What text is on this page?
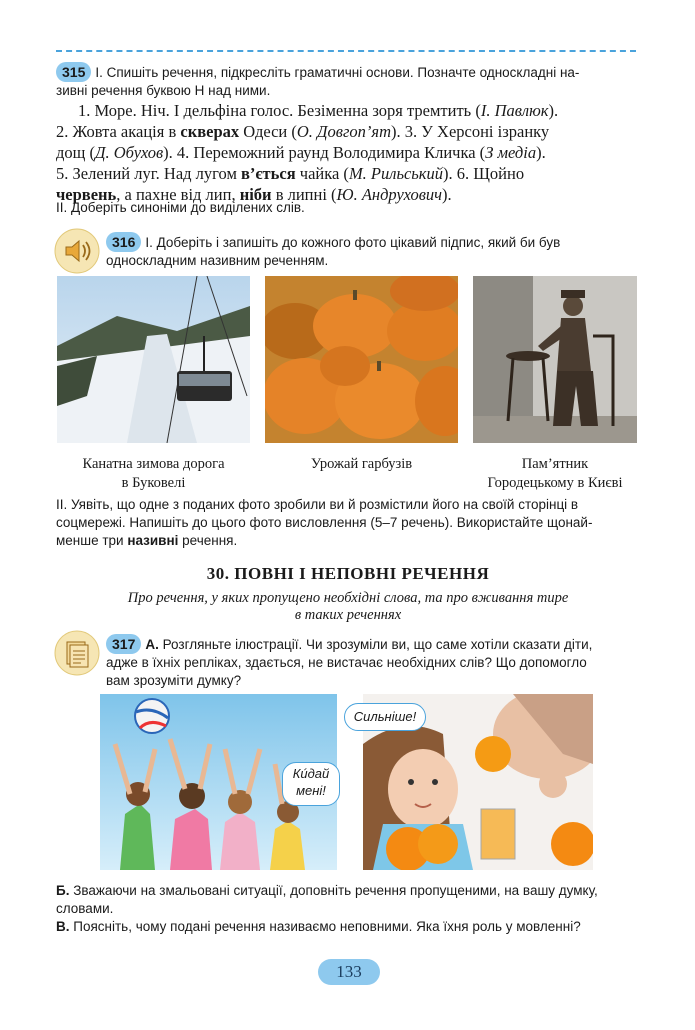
315 I. Спишіть речення, підкресліть граматичні основи. Позначте односкладні на-
зивні речення буквою Н над ними.
1. Море. Ніч. І дельфіна голос. Безіменна зоря тремтить (І. Павлюк).
2. Жовта акація в скверах Одеси (О. Довгоп’ят). 3. У Херсоні ізранку
дощ (Д. Обухов). 4. Переможний раунд Володимира Кличка (З медіа).
5. Зелений луг. Над лугом в’ється чайка (М. Рильський). 6. Щойно
червень, а пахне від лип, ніби в липні (Ю. Андрухович).
II. Доберіть синоніми до виділених слів.
316 I. Доберіть і запишіть до кожного фото цікавий підпис, який би був
односкладним називним реченням.
Канатна зимова дорога
в Буковелі
Урожай гарбузів	Пам’ятник
Городецькому в Києві
II. Уявіть, що одне з поданих фото зробили ви й розмістили його на своїй сторінці в
соцмережі. Напишіть до цього фото висловлення (5–7 речень). Використайте щонай-
менше три називні речення.
30. ПОВНІ І НЕПОВНІ РЕЧЕННЯ
Про речення, у яких пропущено необхідні слова, та про вживання тире
в таких реченнях
317 А. Розгляньте ілюстрації. Чи зрозуміли ви, що саме хотіли сказати діти,
адже в їхніх репліках, здається, не вистачає необхідних слів? Що допомогло
вам зрозуміти думку?
Кúдай
мені!
Сильніше!
Б. Зважаючи на змальовані ситуації, доповніть речення пропущеними, на вашу думку,
словами.
В. Поясніть, чому подані речення називаємо неповними. Яка їхня роль у мовленні?
133
